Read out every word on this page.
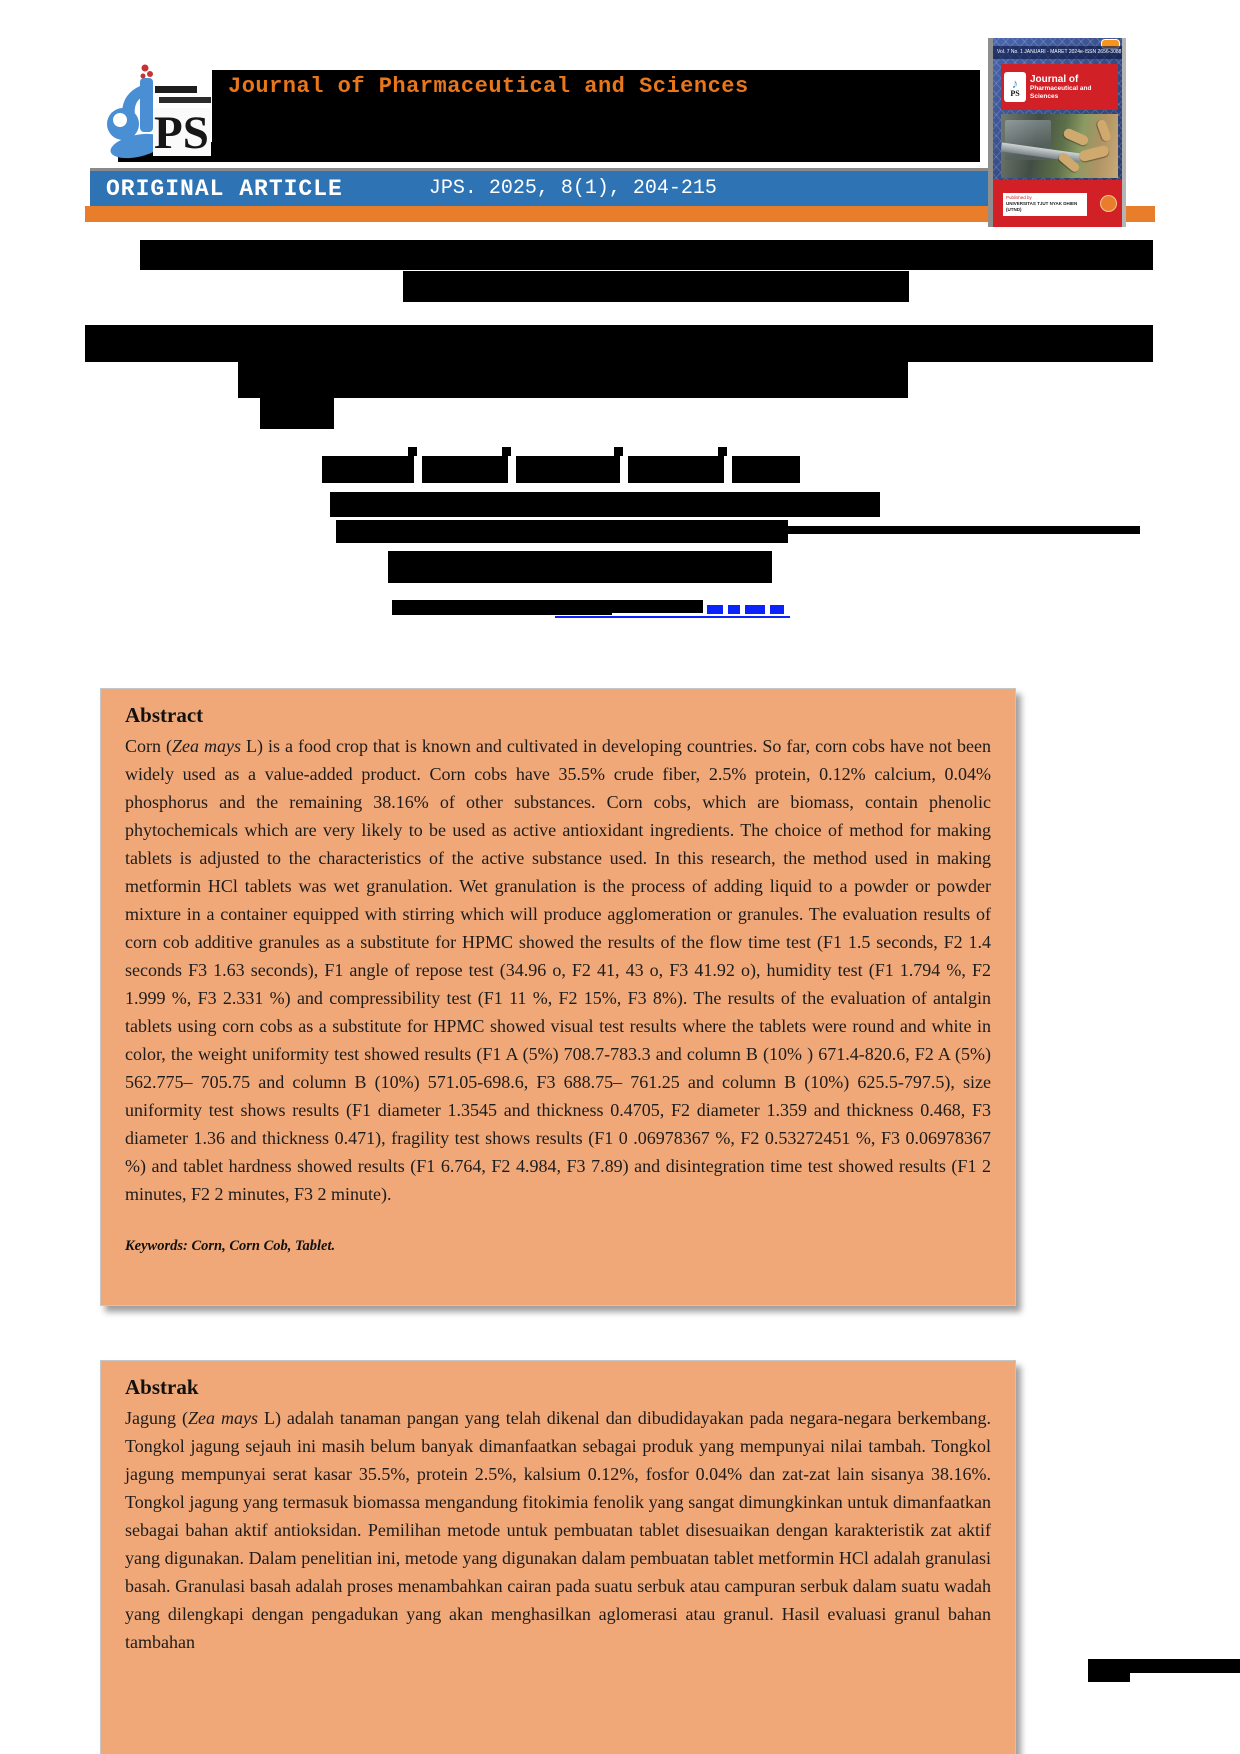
Journal of Pharmaceutical and Sciences
PS
Vol. 7 No. 1 JANUARI - MARET 2024 e-ISSN 2656-3088
♪
PS
Journal of
Pharmaceutical and Sciences
Published by
UNIVERSITAS TJUT NYAK DHIEN (UTND)
ORIGINAL ARTICLE	JPS. 2025, 8(1), 204-215
Abstract

Corn (Zea mays L) is a food crop that is known and cultivated in developing countries. So far, corn cobs have not been widely used as a value-added product. Corn cobs have 35.5% crude fiber, 2.5% protein, 0.12% calcium, 0.04% phosphorus and the remaining 38.16% of other substances. Corn cobs, which are biomass, contain phenolic phytochemicals which are very likely to be used as active antioxidant ingredients. The choice of method for making tablets is adjusted to the characteristics of the active substance used. In this research, the method used in making metformin HCl tablets was wet granulation. Wet granulation is the process of adding liquid to a powder or powder mixture in a container equipped with stirring which will produce agglomeration or granules. The evaluation results of corn cob additive granules as a substitute for HPMC showed the results of the flow time test (F1 1.5 seconds, F2 1.4 seconds F3 1.63 seconds), F1 angle of repose test (34.96 o, F2 41, 43 o, F3 41.92 o), humidity test (F1 1.794 %, F2 1.999 %, F3 2.331 %) and compressibility test (F1 11 %, F2 15%, F3 8%). The results of the evaluation of antalgin tablets using corn cobs as a substitute for HPMC showed visual test results where the tablets were round and white in color, the weight uniformity test showed results (F1 A (5%) 708.7-783.3 and column B (10% ) 671.4-820.6, F2 A (5%) 562.775– 705.75 and column B (10%) 571.05-698.6, F3 688.75– 761.25 and column B (10%) 625.5-797.5), size uniformity test shows results (F1 diameter 1.3545 and thickness 0.4705, F2 diameter 1.359 and thickness 0.468, F3 diameter 1.36 and thickness 0.471), fragility test shows results (F1 0 .06978367 %, F2 0.53272451 %, F3 0.06978367 %) and tablet hardness showed results (F1 6.764, F2 4.984, F3 7.89) and disintegration time test showed results (F1 2 minutes, F2 2 minutes, F3 2 minute).

Keywords: Corn, Corn Cob, Tablet.
Abstrak

Jagung (Zea mays L) adalah tanaman pangan yang telah dikenal dan dibudidayakan pada negara-negara berkembang. Tongkol jagung sejauh ini masih belum banyak dimanfaatkan sebagai produk yang mempunyai nilai tambah. Tongkol jagung mempunyai serat kasar 35.5%, protein 2.5%, kalsium 0.12%, fosfor 0.04% dan zat-zat lain sisanya 38.16%. Tongkol jagung yang termasuk biomassa mengandung fitokimia fenolik yang sangat dimungkinkan untuk dimanfaatkan sebagai bahan aktif antioksidan. Pemilihan metode untuk pembuatan tablet disesuaikan dengan karakteristik zat aktif yang digunakan. Dalam penelitian ini, metode yang digunakan dalam pembuatan tablet metformin HCl adalah granulasi basah. Granulasi basah adalah proses menambahkan cairan pada suatu serbuk atau campuran serbuk dalam suatu wadah yang dilengkapi dengan pengadukan yang akan menghasilkan aglomerasi atau granul. Hasil evaluasi granul bahan tambahan
